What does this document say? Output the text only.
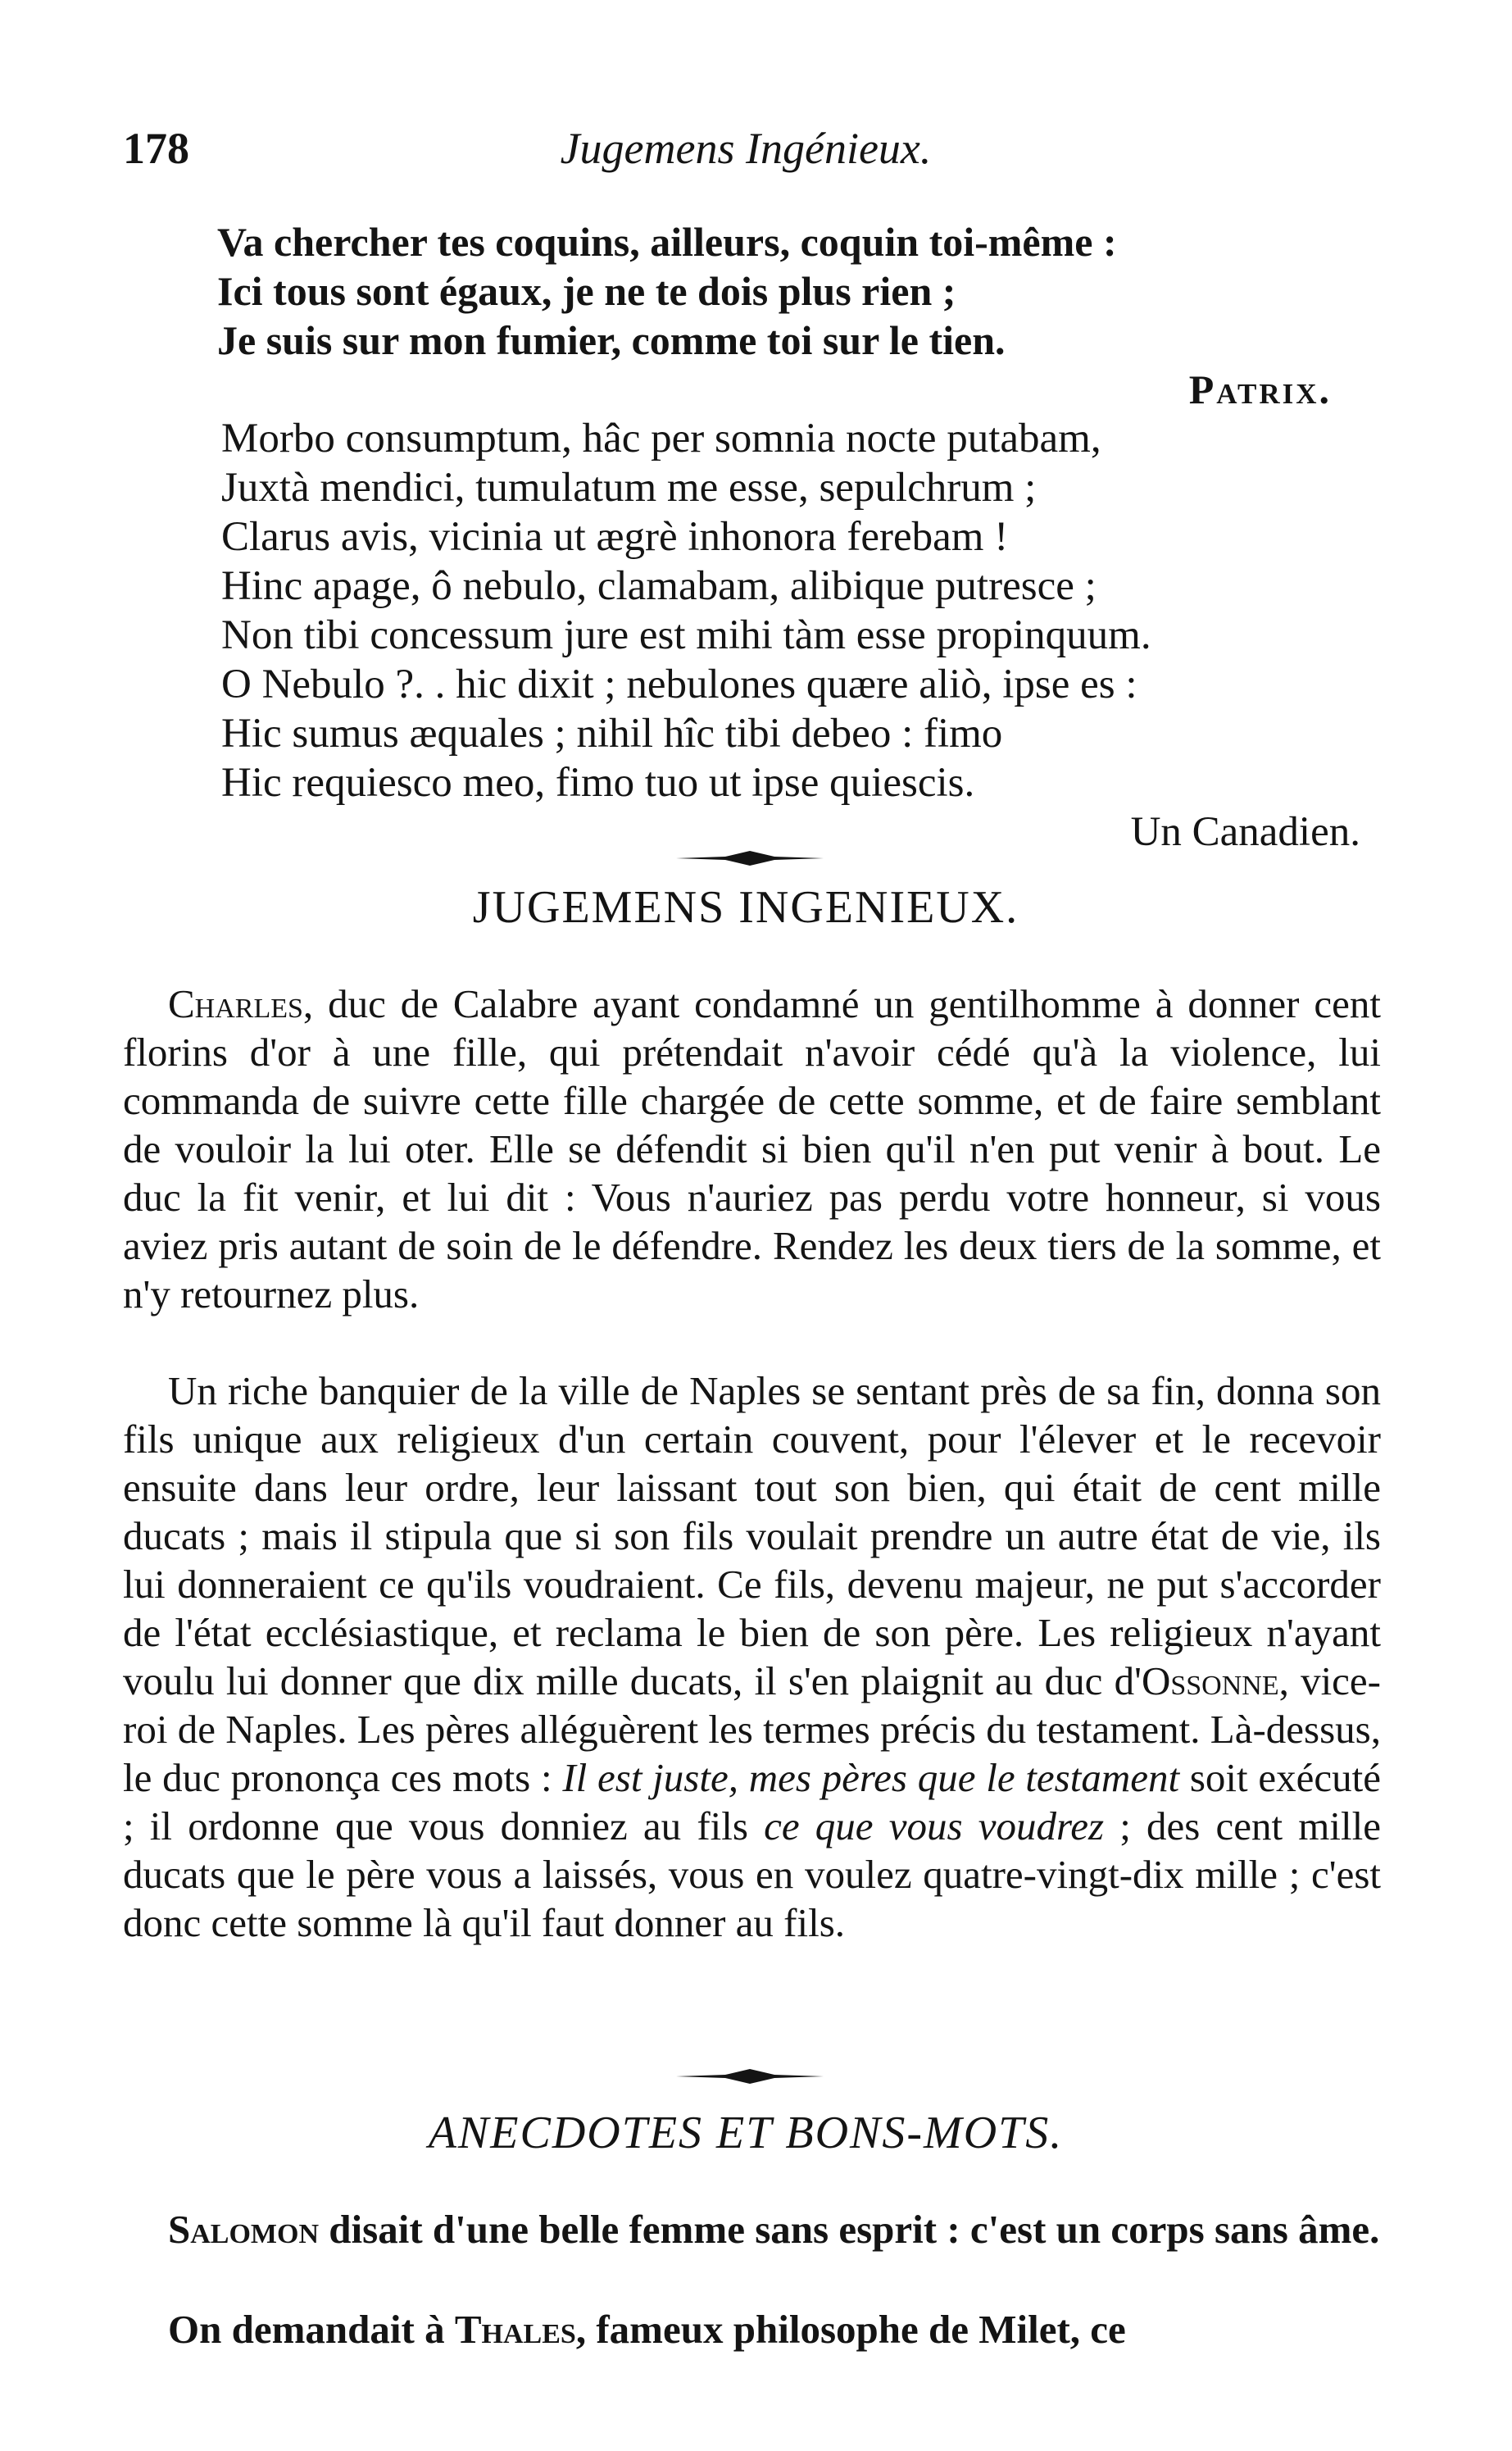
178	Jugemens Ingénieux.
Va chercher tes coquins, ailleurs, coquin toi-même :
Ici tous sont égaux, je ne te dois plus rien ;
Je suis sur mon fumier, comme toi sur le tien.
Patrix.
Morbo consumptum, hâc per somnia nocte putabam,
Juxtà mendici, tumulatum me esse, sepulchrum ;
Clarus avis, vicinia ut ægrè inhonora ferebam !
Hinc apage, ô nebulo, clamabam, alibique putresce ;
Non tibi concessum jure est mihi tàm esse propinquum.
O Nebulo ?. . hic dixit ; nebulones quære aliò, ipse es :
Hic sumus æquales ; nihil hîc tibi debeo : fimo
Hic requiesco meo, fimo tuo ut ipse quiescis.
Un Canadien.
JUGEMENS INGENIEUX.

Charles, duc de Calabre ayant condamné un gentilhomme à donner cent florins d'or à une fille, qui prétendait n'avoir cédé qu'à la violence, lui commanda de suivre cette fille chargée de cette somme, et de faire semblant de vouloir la lui oter. Elle se défendit si bien qu'il n'en put venir à bout. Le duc la fit venir, et lui dit : Vous n'auriez pas perdu votre honneur, si vous aviez pris autant de soin de le défendre. Rendez les deux tiers de la somme, et n'y retournez plus.

Un riche banquier de la ville de Naples se sentant près de sa fin, donna son fils unique aux religieux d'un certain couvent, pour l'élever et le recevoir ensuite dans leur ordre, leur laissant tout son bien, qui était de cent mille ducats ; mais il stipula que si son fils voulait prendre un autre état de vie, ils lui donneraient ce qu'ils voudraient. Ce fils, devenu majeur, ne put s'accorder de l'état ecclésiastique, et reclama le bien de son père. Les religieux n'ayant voulu lui donner que dix mille ducats, il s'en plaignit au duc d'Ossonne, vice-roi de Naples. Les pères alléguèrent les termes précis du testament. Là-dessus, le duc prononça ces mots : Il est juste, mes pères que le testament soit exécuté ; il ordonne que vous donniez au fils ce que vous voudrez ; des cent mille ducats que le père vous a laissés, vous en voulez quatre-vingt-dix mille ; c'est donc cette somme là qu'il faut donner au fils.

ANECDOTES ET BONS-MOTS.

Salomon disait d'une belle femme sans esprit : c'est un corps sans âme.

On demandait à Thales, fameux philosophe de Milet, ce
